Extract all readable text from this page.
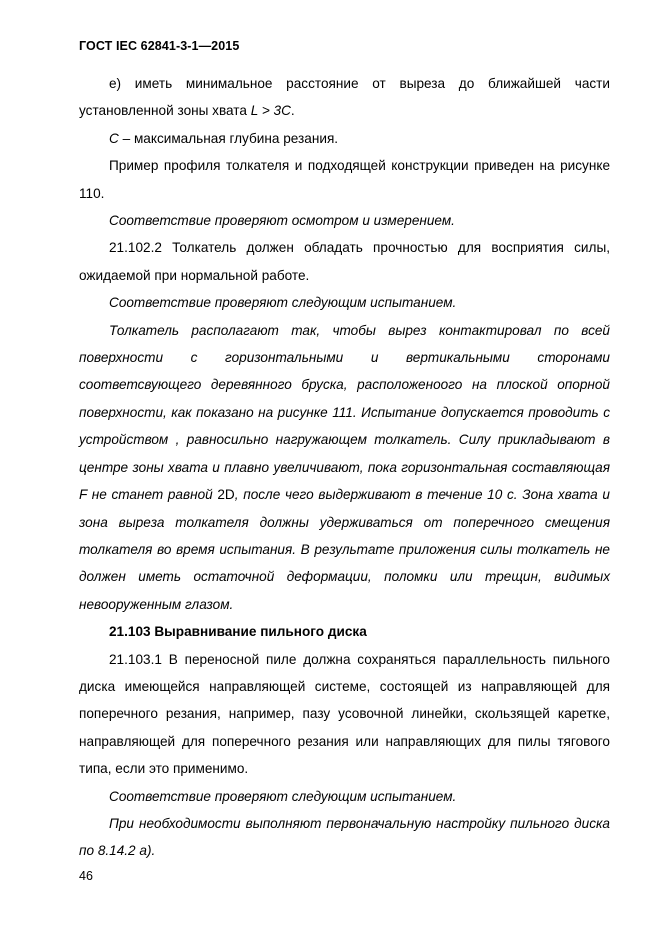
ГОСТ IEC 62841-3-1—2015

е) иметь минимальное расстояние от выреза до ближайшей части установленной зоны хвата L > 3C.

C – максимальная глубина резания.

Пример профиля толкателя и подходящей конструкции приведен на рисунке 110.

Соответствие проверяют осмотром и измерением.

21.102.2 Толкатель должен обладать прочностью для восприятия силы, ожидаемой при нормальной работе.

Соответствие проверяют следующим испытанием.

Толкатель располагают так, чтобы вырез контактировал по всей поверхности с горизонтальными и вертикальными сторонами соответсвующего деревянного бруска, расположеноого на плоской опорной поверхности, как показано на рисунке 111. Испытание допускается проводить с устройством , равносильно нагружающем толкатель. Силу прикладывают в центре зоны хвата и плавно увеличивают, пока горизонтальная составляющая F не станет равной 2D, после чего выдерживают в течение 10 с. Зона хвата и зона выреза толкателя должны удерживаться от поперечного смещения толкателя во время испытания. В результате приложения силы толкатель не должен иметь остаточной деформации, поломки или трещин, видимых невооруженным глазом.

21.103 Выравнивание пильного диска

21.103.1 В переносной пиле должна сохраняться параллельность пильного диска имеющейся направляющей системе, состоящей из направляющей для поперечного резания, например, пазу усовочной линейки, скользящей каретке, направляющей для поперечного резания или направляющих для пилы тягового типа, если это применимо.

Соответствие проверяют следующим испытанием.

При необходимости выполняют первоначальную настройку пильного диска по 8.14.2 а).

46
